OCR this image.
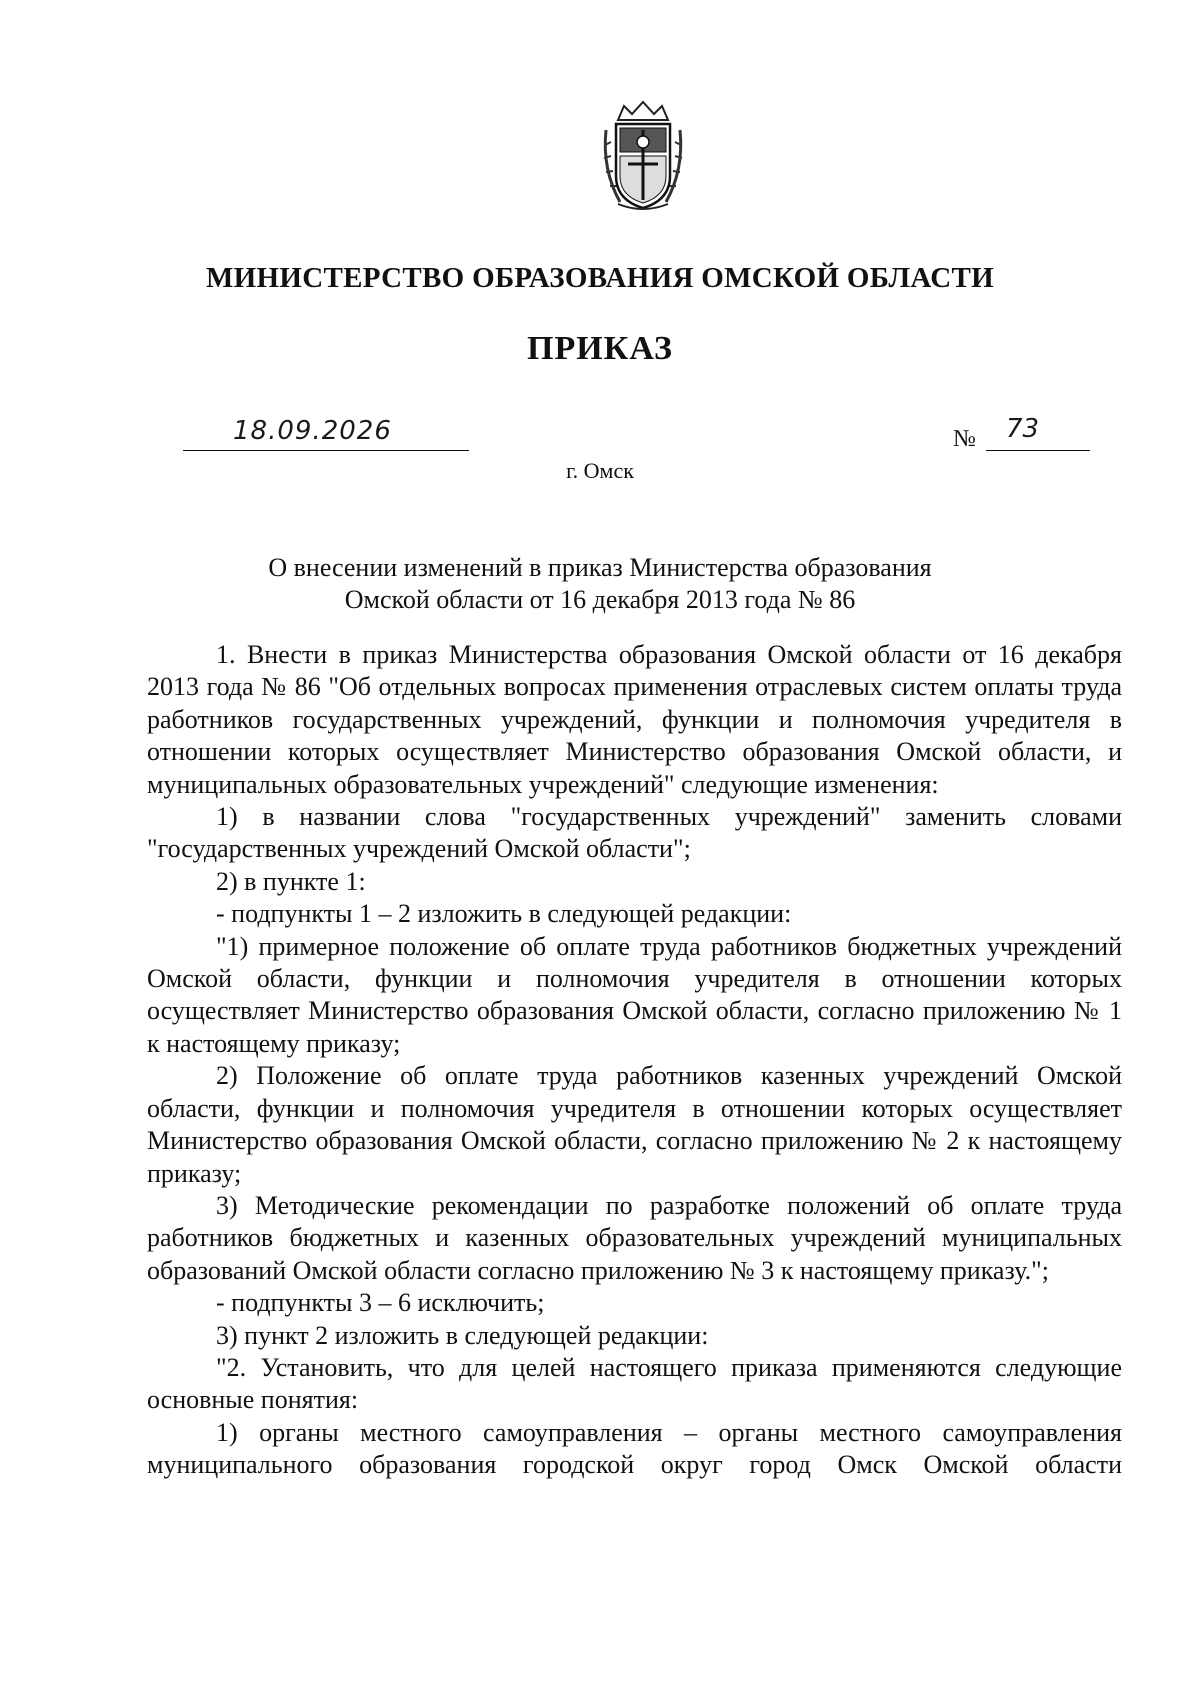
МИНИСТЕРСТВО ОБРАЗОВАНИЯ ОМСКОЙ ОБЛАСТИ
ПРИКАЗ
18.09.2026	№ 73
г. Омск
О внесении изменений в приказ Министерства образования
Омской области от 16 декабря 2013 года № 86

1. Внести в приказ Министерства образования Омской области от 16 декабря 2013 года № 86 "Об отдельных вопросах применения отраслевых систем оплаты труда работников государственных учреждений, функции и полномочия учредителя в отношении которых осуществляет Министерство образования Омской области, и муниципальных образовательных учреждений" следующие изменения:

1) в названии слова "государственных учреждений" заменить словами "государственных учреждений Омской области";

2) в пункте 1:

- подпункты 1 – 2 изложить в следующей редакции:

"1) примерное положение об оплате труда работников бюджетных учреждений Омской области, функции и полномочия учредителя в отношении которых осуществляет Министерство образования Омской области, согласно приложению № 1 к настоящему приказу;

2) Положение об оплате труда работников казенных учреждений Омской области, функции и полномочия учредителя в отношении которых осуществляет Министерство образования Омской области, согласно приложению № 2 к настоящему приказу;

3) Методические рекомендации по разработке положений об оплате труда работников бюджетных и казенных образовательных учреждений муниципальных образований Омской области согласно приложению № 3 к настоящему приказу.";

- подпункты 3 – 6 исключить;

3) пункт 2 изложить в следующей редакции:

"2. Установить, что для целей настоящего приказа применяются следующие основные понятия:

1) органы местного самоуправления – органы местного самоуправления муниципального образования городской округ город Омск Омской области
